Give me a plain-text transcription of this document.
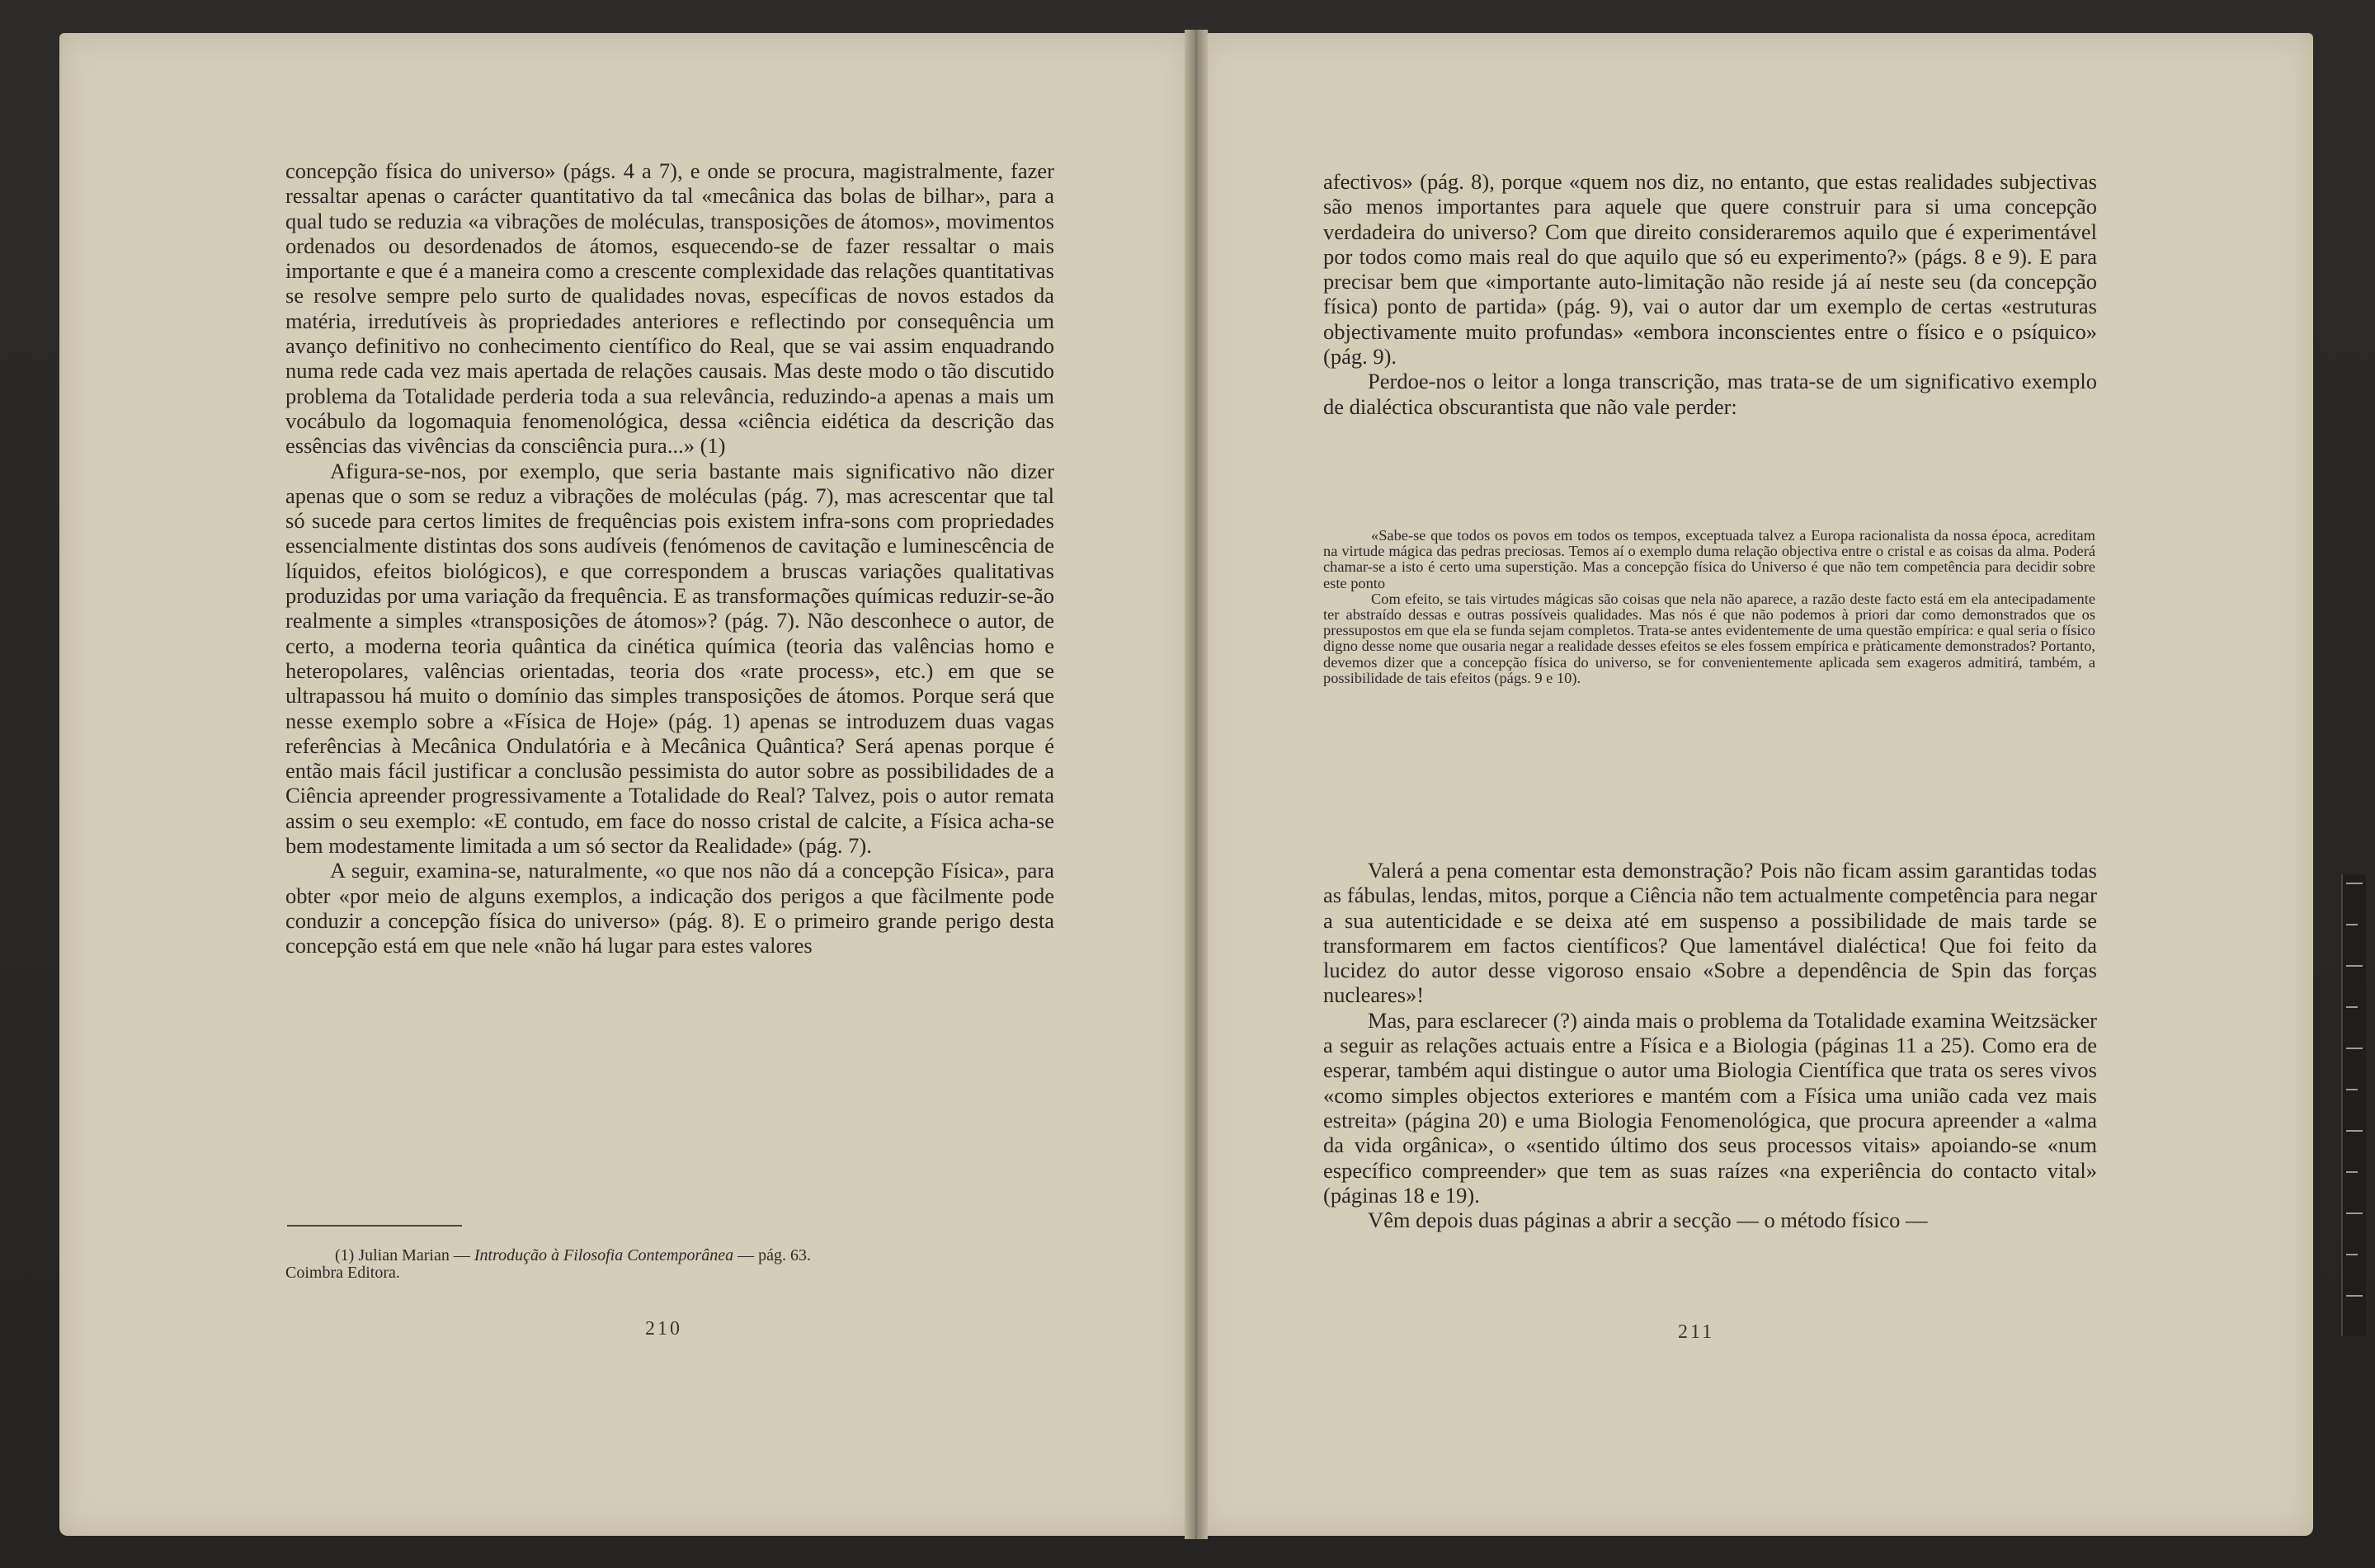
concepção física do universo» (págs. 4 a 7), e onde se procura, magistralmente, fazer ressaltar apenas o carácter quantitativo da tal «mecânica das bolas de bilhar», para a qual tudo se reduzia «a vibrações de moléculas, transposições de átomos», movimentos ordenados ou desordenados de átomos, esquecendo-se de fazer ressaltar o mais importante e que é a maneira como a crescente complexidade das relações quantitativas se resolve sempre pelo surto de qualidades novas, específicas de novos estados da matéria, irredutíveis às propriedades anteriores e reflectindo por consequência um avanço definitivo no conhecimento científico do Real, que se vai assim enquadrando numa rede cada vez mais apertada de relações causais. Mas deste modo o tão discutido problema da Totalidade perderia toda a sua relevância, reduzindo-a apenas a mais um vocábulo da logomaquia fenomenológica, dessa «ciência eidética da descrição das essências das vivências da consciência pura...» (1)

Afigura-se-nos, por exemplo, que seria bastante mais significativo não dizer apenas que o som se reduz a vibrações de moléculas (pág. 7), mas acrescentar que tal só sucede para certos limites de frequências pois existem infra-sons com propriedades essencialmente distintas dos sons audíveis (fenómenos de cavitação e luminescência de líquidos, efeitos biológicos), e que correspondem a bruscas variações qualitativas produzidas por uma variação da frequência. E as transformações químicas reduzir-se-ão realmente a simples «transposições de átomos»? (pág. 7). Não desconhece o autor, de certo, a moderna teoria quântica da cinética química (teoria das valências homo e heteropolares, valências orientadas, teoria dos «rate process», etc.) em que se ultrapassou há muito o domínio das simples transposições de átomos. Porque será que nesse exemplo sobre a «Física de Hoje» (pág. 1) apenas se introduzem duas vagas referências à Mecânica Ondulatória e à Mecânica Quântica? Será apenas porque é então mais fácil justificar a conclusão pessimista do autor sobre as possibilidades de a Ciência apreender progressivamente a Totalidade do Real? Talvez, pois o autor remata assim o seu exemplo: «E contudo, em face do nosso cristal de calcite, a Física acha-se bem modestamente limitada a um só sector da Realidade» (pág. 7).

A seguir, examina-se, naturalmente, «o que nos não dá a concepção Física», para obter «por meio de alguns exemplos, a indicação dos perigos a que fàcilmente pode conduzir a concepção física do universo» (pág. 8). E o primeiro grande perigo desta concepção está em que nele «não há lugar para estes valores

(1) Julian Marian — Introdução à Filosofia Contemporânea — pág. 63.
Coimbra Editora.
210

afectivos» (pág. 8), porque «quem nos diz, no entanto, que estas realidades subjectivas são menos importantes para aquele que quere construir para si uma concepção verdadeira do universo? Com que direito consideraremos aquilo que é experimentável por todos como mais real do que aquilo que só eu experimento?» (págs. 8 e 9). E para precisar bem que «importante auto-limitação não reside já aí neste seu (da concepção física) ponto de partida» (pág. 9), vai o autor dar um exemplo de certas «estruturas objectivamente muito profundas» «embora inconscientes entre o físico e o psíquico» (pág. 9).

Perdoe-nos o leitor a longa transcrição, mas trata-se de um significativo exemplo de dialéctica obscurantista que não vale perder:

«Sabe-se que todos os povos em todos os tempos, exceptuada talvez a Europa racionalista da nossa época, acreditam na virtude mágica das pedras preciosas. Temos aí o exemplo duma relação objectiva entre o cristal e as coisas da alma. Poderá chamar-se a isto é certo uma superstição. Mas a concepção física do Universo é que não tem competência para decidir sobre este ponto

Com efeito, se tais virtudes mágicas são coisas que nela não aparece, a razão deste facto está em ela antecipadamente ter abstraído dessas e outras possíveis qualidades. Mas nós é que não podemos à priori dar como demonstrados que os pressupostos em que ela se funda sejam completos. Trata-se antes evidentemente de uma questão empírica: e qual seria o físico digno desse nome que ousaria negar a realidade desses efeitos se eles fossem empírica e pràticamente demonstrados? Portanto, devemos dizer que a concepção física do universo, se for convenientemente aplicada sem exageros admitirá, também, a possibilidade de tais efeitos (págs. 9 e 10).

Valerá a pena comentar esta demonstração? Pois não ficam assim garantidas todas as fábulas, lendas, mitos, porque a Ciência não tem actualmente competência para negar a sua autenticidade e se deixa até em suspenso a possibilidade de mais tarde se transformarem em factos científicos? Que lamentável dialéctica! Que foi feito da lucidez do autor desse vigoroso ensaio «Sobre a dependência de Spin das forças nucleares»!

Mas, para esclarecer (?) ainda mais o problema da Totalidade examina Weitzsäcker a seguir as relações actuais entre a Física e a Biologia (páginas 11 a 25). Como era de esperar, também aqui distingue o autor uma Biologia Científica que trata os seres vivos «como simples objectos exteriores e mantém com a Física uma união cada vez mais estreita» (página 20) e uma Biologia Fenomenológica, que procura apreender a «alma da vida orgânica», o «sentido último dos seus processos vitais» apoiando-se «num específico compreender» que tem as suas raízes «na experiência do contacto vital» (páginas 18 e 19).

Vêm depois duas páginas a abrir a secção — o método físico —

211
